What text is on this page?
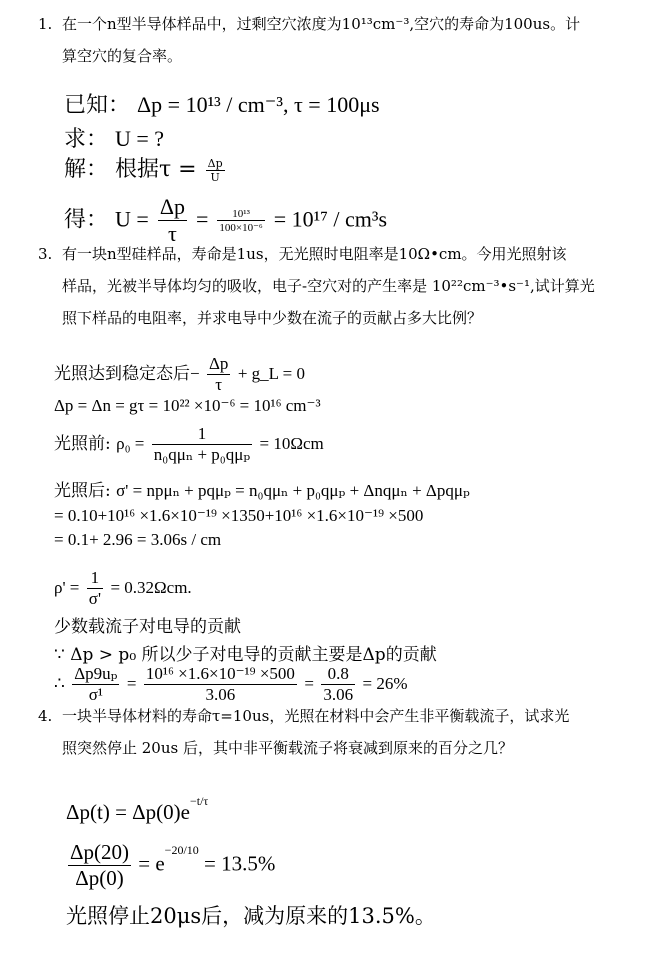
1. 在一个n型半导体样品中，过剩空穴浓度为10¹³cm⁻³,空穴的寿命为100us。计
算空穴的复合率。
已知： Δp = 10¹³ / cm⁻³, τ = 100μs
求： U = ?
解： 根据$\tau = \frac{\Delta p}{U}$
得： $U = \frac{\Delta p}{\tau} = \frac{\text{10¹³}}{\text{100×10⁻⁶}} = 10^{17} / cm^3s$
3. 有一块n型硅样品，寿命是1us，无光照时电阻率是10Ω•cm。今用光照射该
样品，光被半导体均匀的吸收，电子-空穴对的产生率是 10²²cm⁻³•s⁻¹,试计算光
照下样品的电阻率，并求电导中少数在流子的贡献占多大比例？
光照达到稳定态后− $\frac{\Delta p}{\tau}$ + g_L = 0
Δp = Δn = gτ = 10²² ×10⁻⁶ = 10¹⁶ cm⁻³
光照前: $\rho_0 = \frac{1}{\text{n₀qμₙ + p₀qμₚ}} = 10\Omega cm$
光照后: σ' = npμₙ + pqμₚ = n₀qμₙ + p₀qμₚ + Δnqμₙ + Δpqμₚ
= 0.10+10¹⁶ ×1.6×10⁻¹⁹ ×1350+10¹⁶ ×1.6×10⁻¹⁹ ×500
= 0.1+ 2.96 = 3.06s / cm
$\rho' = \frac{1}{\sigma'} = 0.32\Omega cm$.
少数载流子对电导的贡献
∵ Δp > p₀ 所以少子对电导的贡献主要是Δp的贡献
∴ $\frac{\text{Δp9uₚ}}{\text{σ¹}} = \frac{\text{10¹⁶ ×1.6×10⁻¹⁹ ×500}}{3.06} = \frac{0.8}{3.06} = 26\%$
4. 一块半导体材料的寿命τ=10us，光照在材料中会产生非平衡载流子，试求光
照突然停止 20us 后，其中非平衡载流子将衰减到原来的百分之几？
$\Delta p(t) = \Delta p(0)e^{-t/\tau}$
$\frac{\Delta p(20)}{\Delta p(0)} = e^{-20/10} = 13.5\%$
光照停止20μs后，减为原来的13.5%。
